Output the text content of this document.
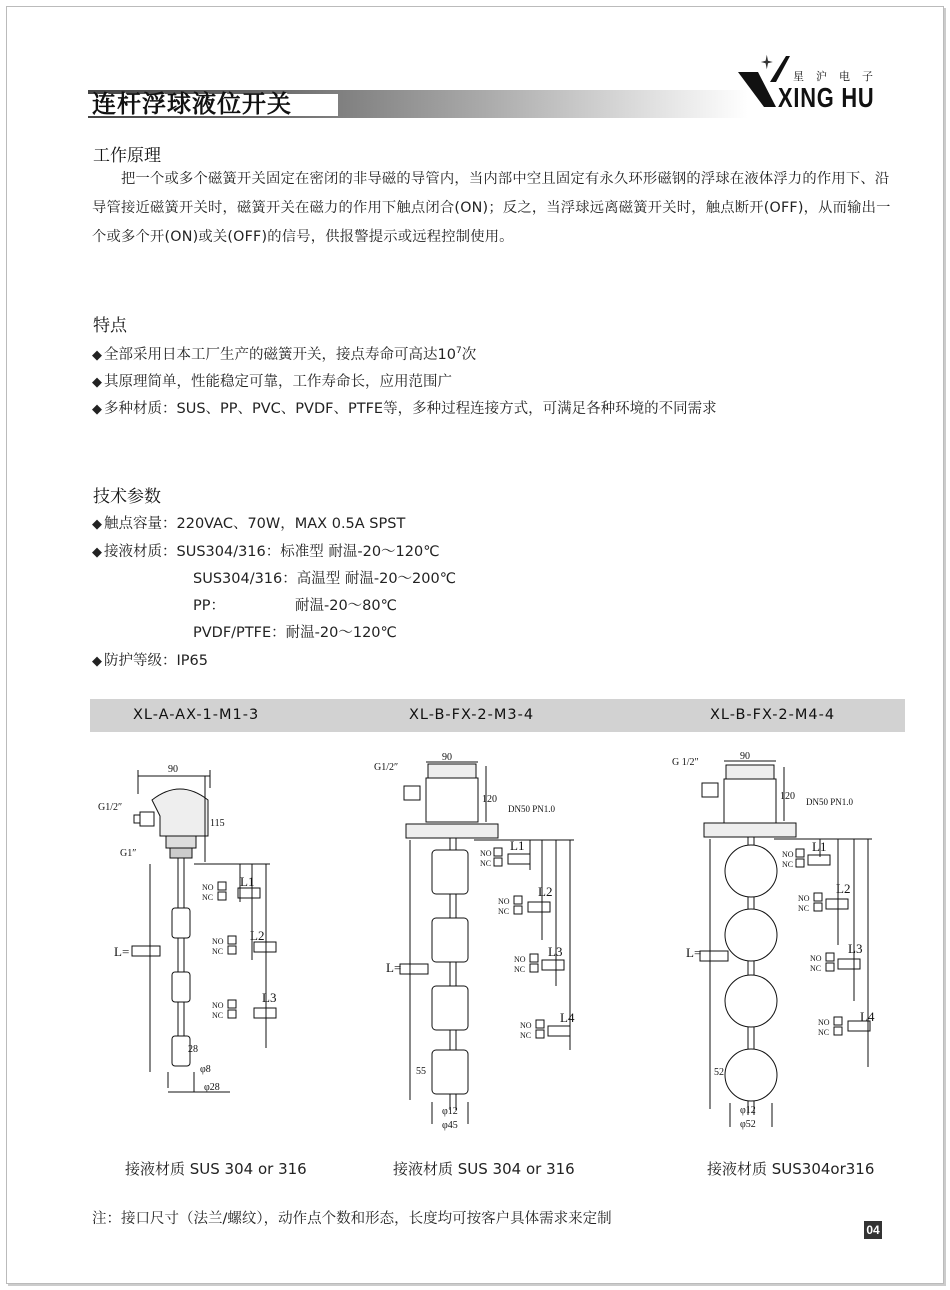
连杆浮球液位开关
星沪电子
XING HU
工作原理
　　把一个或多个磁簧开关固定在密闭的非导磁的导管内，当内部中空且固定有永久环形磁钢的浮球在液体浮力的作用下、沿导管接近磁簧开关时，磁簧开关在磁力的作用下触点闭合(ON)；反之，当浮球远离磁簧开关时，触点断开(OFF)，从而输出一个或多个开(ON)或关(OFF)的信号，供报警提示或远程控制使用。
特点
◆ 全部采用日本工厂生产的磁簧开关，接点寿命可高达$10^7$次
◆ 其原理简单，性能稳定可靠，工作寿命长，应用范围广
◆ 多种材质：SUS、PP、PVC、PVDF、PTFE等，多种过程连接方式，可满足各种环境的不同需求
技术参数
◆ 触点容量：220VAC、70W，MAX 0.5A SPST
◆ 接液材质：SUS304/316：标准型 耐温-20～120℃
SUS304/316：高温型 耐温-20～200℃
PP：	耐温-20～80℃
PVDF/PTFE：耐温-20～120℃
◆ 防护等级：IP65
XL-A-AX-1-M1-3	XL-B-FX-2-M3-4	XL-B-FX-2-M4-4
90
G1/2″
115
G1″
L=
28
φ8
φ28
NO
NC
L1
NO
NC
L2
NO
NC
L3
90
G1/2″
120
DN50 PN1.0
L=
55
φ12
φ45
NO
NC
L1
NO
NC
L2
NO
NC
L3
NO
NC
L4
90
G 1/2″
120 DN50 PN1.0
L=
52
φ12
φ52
NO
NC
L1
NO
NC
L2
NO
NC
L3
NO
NC
L4
接液材质 SUS 304 or 316	接液材质 SUS 304 or 316	接液材质 SUS304or316
注：接口尺寸（法兰/螺纹），动作点个数和形态，长度均可按客户具体需求来定制
04
